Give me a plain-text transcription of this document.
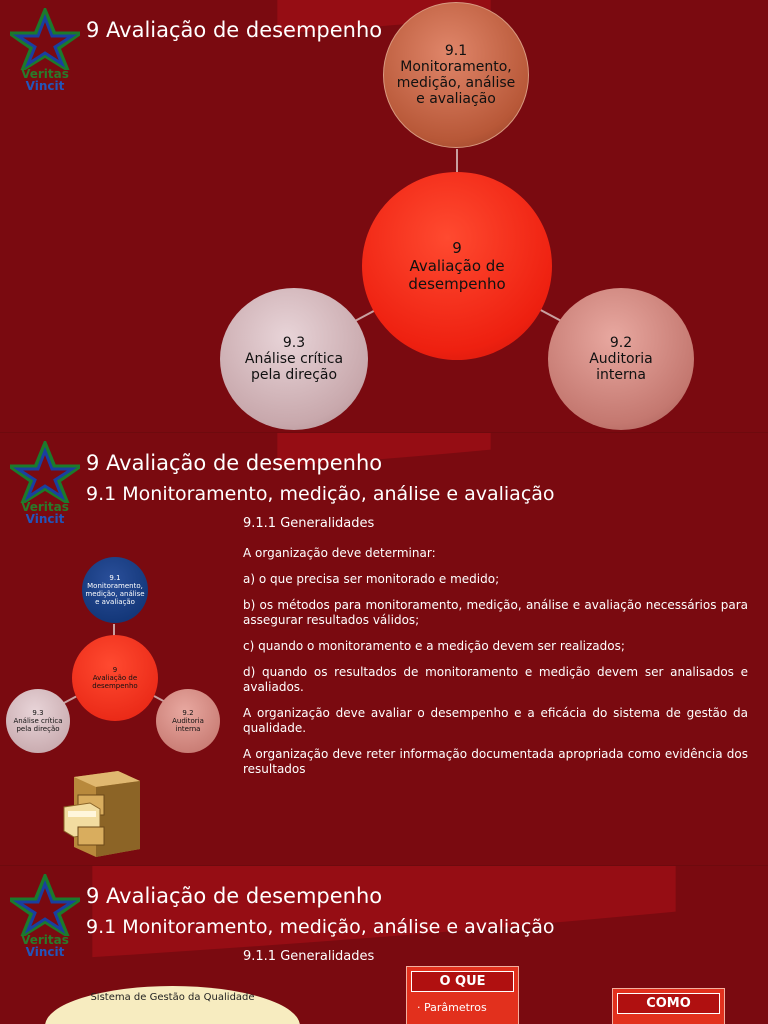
Veritas
Vincit
9 Avaliação de desempenho
9.1
Monitoramento,
medição, análise
e avaliação
9
Avaliação de
desempenho
9.3
Análise crítica
pela direção
9.2
Auditoria
interna
Veritas
Vincit
9 Avaliação de desempenho
9.1 Monitoramento, medição, análise e avaliação
9.1.1 Generalidades
9.1
Monitoramento,
medição, análise
e avaliação
9
Avaliação de
desempenho
9.3
Análise crítica
pela direção
9.2
Auditoria
interna

A organização deve determinar:

a) o que precisa ser monitorado e medido;

b) os métodos para monitoramento, medição, análise e avaliação necessários para assegurar resultados válidos;

c) quando o monitoramento e a medição devem ser realizados;

d) quando os resultados de monitoramento e medição devem ser analisados e avaliados.

A organização deve avaliar o desempenho e a eficácia do sistema de gestão da qualidade.

A organização deve reter informação documentada apropriada como evidência dos resultados

Veritas
Vincit
9 Avaliação de desempenho
9.1 Monitoramento, medição, análise e avaliação
9.1.1 Generalidades
Sistema de Gestão da Qualidade
O QUE
· Parâmetros	COMO
